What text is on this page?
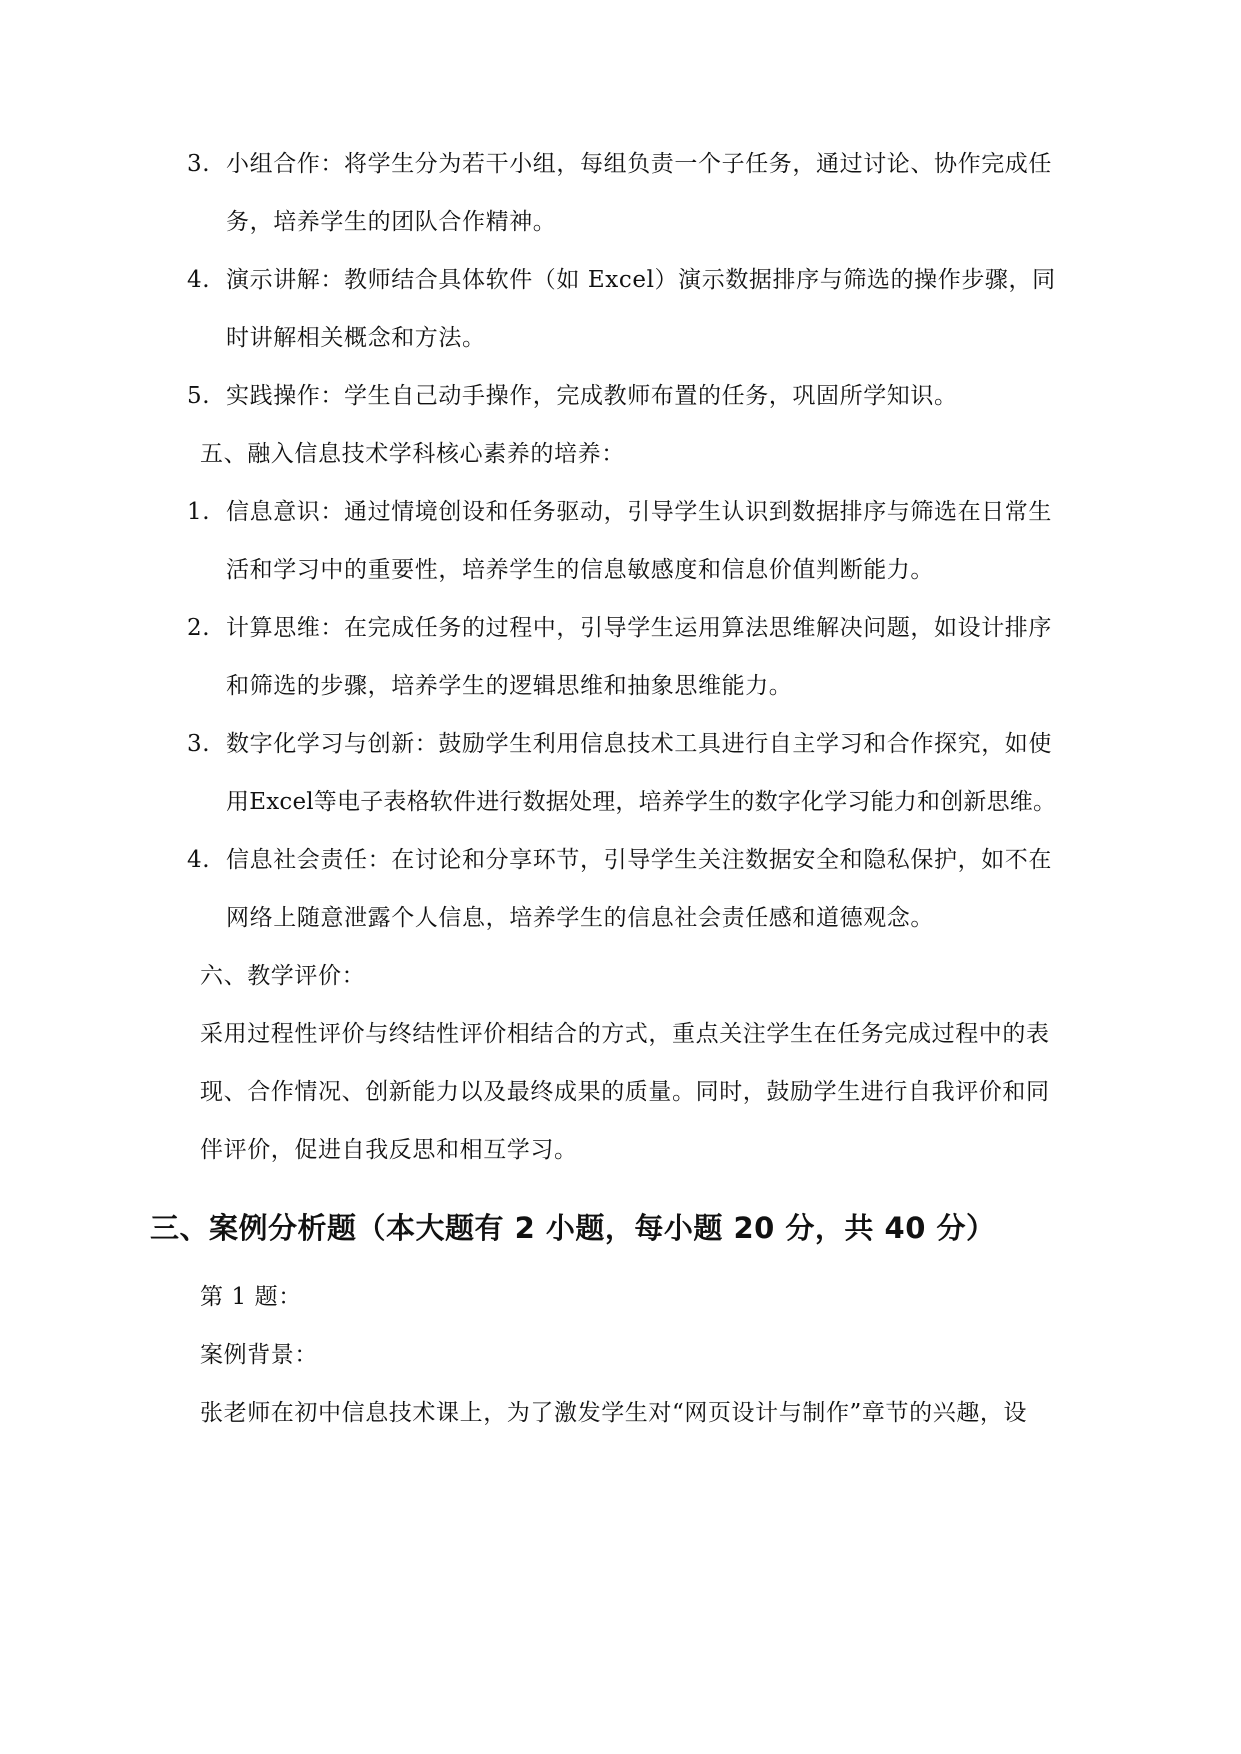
3. 小组合作：将学生分为若干小组，每组负责一个子任务，通过讨论、协作完成任

务，培养学生的团队合作精神。

4. 演示讲解：教师结合具体软件（如 Excel）演示数据排序与筛选的操作步骤，同

时讲解相关概念和方法。

5. 实践操作：学生自己动手操作，完成教师布置的任务，巩固所学知识。

五、融入信息技术学科核心素养的培养：

1. 信息意识：通过情境创设和任务驱动，引导学生认识到数据排序与筛选在日常生

活和学习中的重要性，培养学生的信息敏感度和信息价值判断能力。

2. 计算思维：在完成任务的过程中，引导学生运用算法思维解决问题，如设计排序

和筛选的步骤，培养学生的逻辑思维和抽象思维能力。

3. 数字化学习与创新：鼓励学生利用信息技术工具进行自主学习和合作探究，如使

用Excel等电子表格软件进行数据处理，培养学生的数字化学习能力和创新思维。

4. 信息社会责任：在讨论和分享环节，引导学生关注数据安全和隐私保护，如不在

网络上随意泄露个人信息，培养学生的信息社会责任感和道德观念。

六、教学评价：

采用过程性评价与终结性评价相结合的方式，重点关注学生在任务完成过程中的表

现、合作情况、创新能力以及最终成果的质量。同时，鼓励学生进行自我评价和同

伴评价，促进自我反思和相互学习。

三、案例分析题（本大题有 2 小题，每小题 20 分，共 40 分）

第 1 题：

案例背景：

张老师在初中信息技术课上，为了激发学生对“网页设计与制作”章节的兴趣，设
